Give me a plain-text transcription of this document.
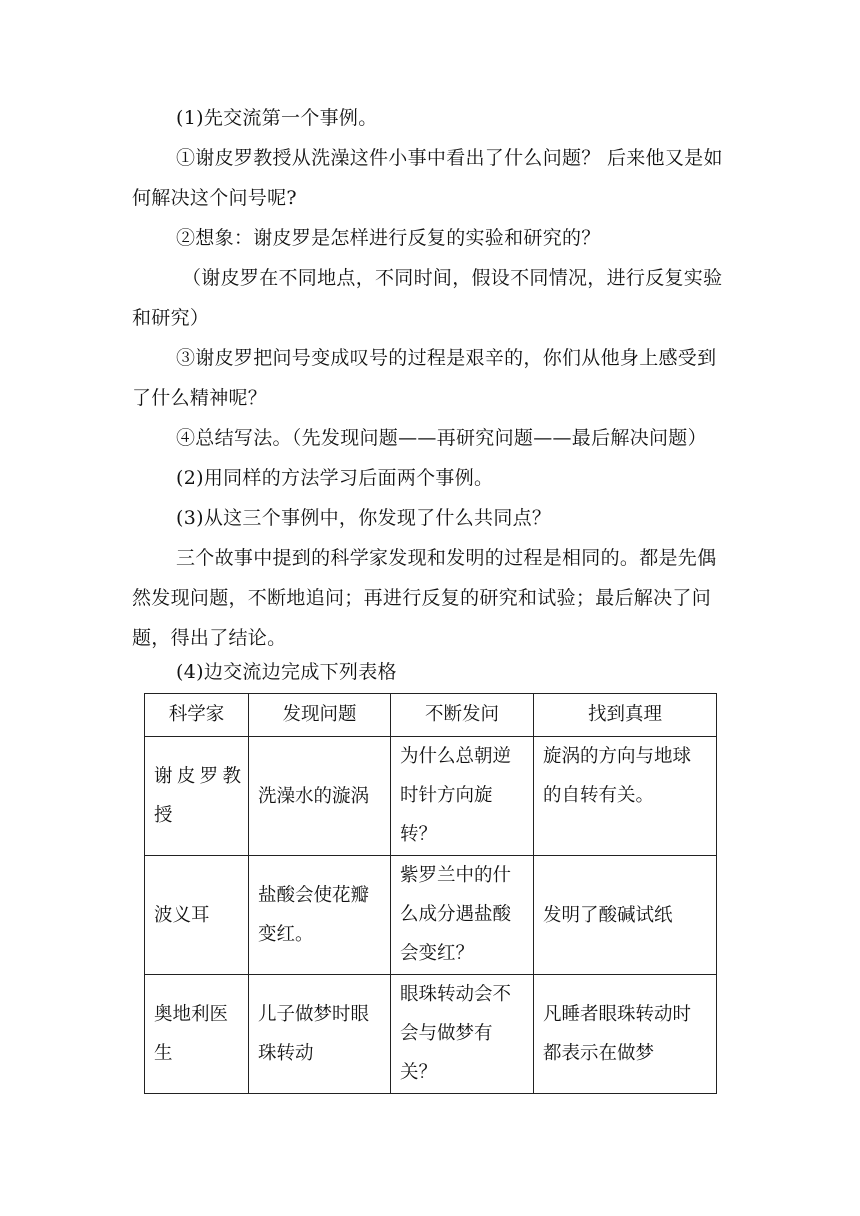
(1)先交流第一个事例。
①谢皮罗教授从洗澡这件小事中看出了什么问题？ 后来他又是如何解决这个问号呢?
②想象：谢皮罗是怎样进行反复的实验和研究的？
（谢皮罗在不同地点，不同时间，假设不同情况，进行反复实验和研究）
③谢皮罗把问号变成叹号的过程是艰辛的，你们从他身上感受到了什么精神呢？
④总结写法。（先发现问题——再研究问题——最后解决问题）
(2)用同样的方法学习后面两个事例。
(3)从这三个事例中，你发现了什么共同点？
三个故事中提到的科学家发现和发明的过程是相同的。都是先偶然发现问题，不断地追问；再进行反复的研究和试验；最后解决了问题，得出了结论。
(4)边交流边完成下列表格
科学家	发现问题	不断发问	找到真理
谢皮罗教授	洗澡水的漩涡	为什么总朝逆时针方向旋转？	旋涡的方向与地球的自转有关。
波义耳	盐酸会使花瓣变红。	紫罗兰中的什么成分遇盐酸会变红？	发明了酸碱试纸
奥地利医生	儿子做梦时眼珠转动	眼珠转动会不会与做梦有关？	凡睡者眼珠转动时都表示在做梦
